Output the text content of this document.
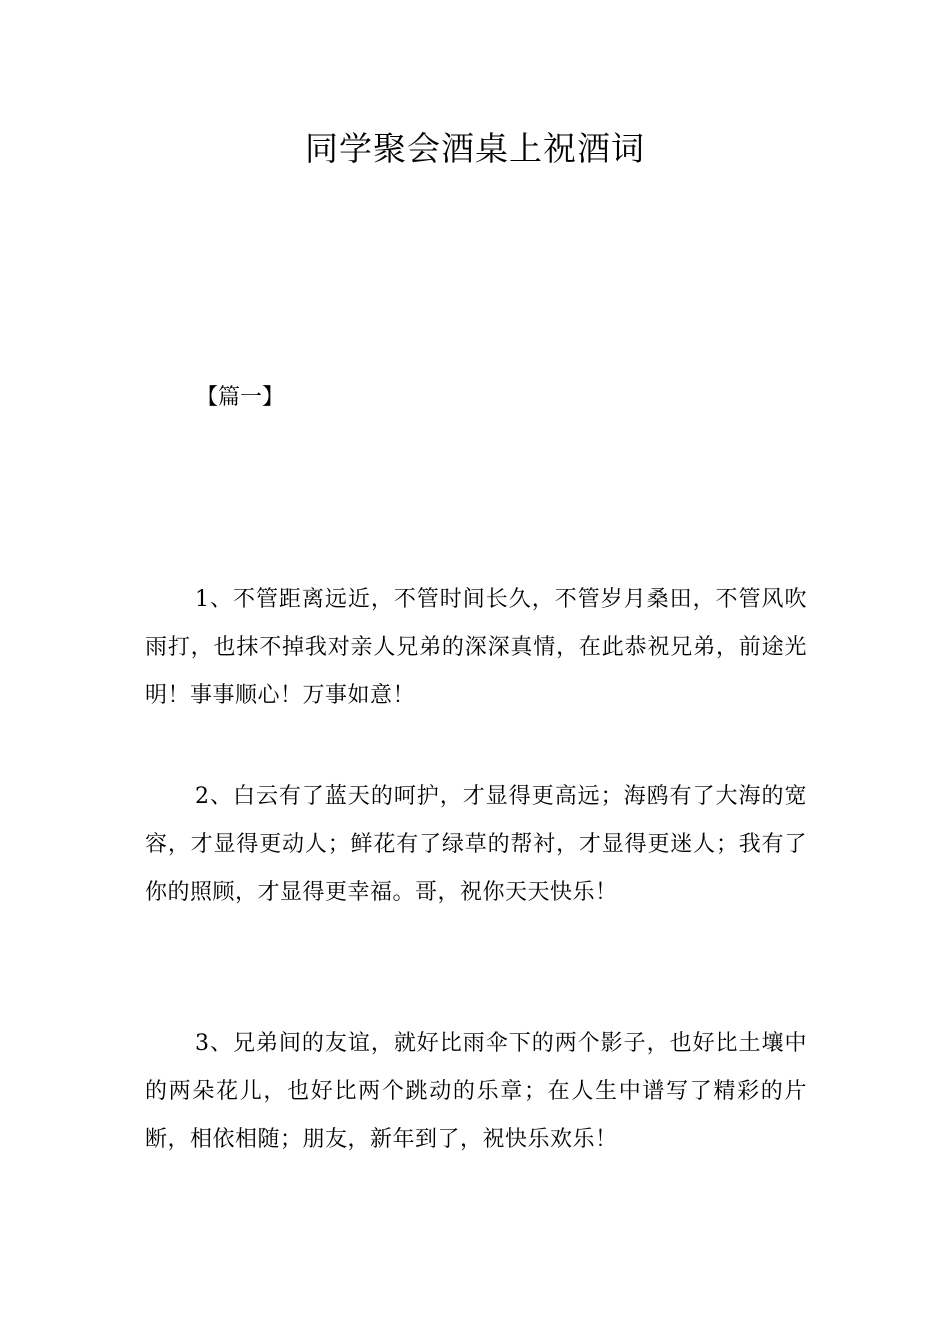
同学聚会酒桌上祝酒词
【篇一】

1、不管距离远近，不管时间长久，不管岁月桑田，不管风吹雨打，也抹不掉我对亲人兄弟的深深真情，在此恭祝兄弟，前途光明！事事顺心！万事如意！

2、白云有了蓝天的呵护，才显得更高远；海鸥有了大海的宽容，才显得更动人；鲜花有了绿草的帮衬，才显得更迷人；我有了你的照顾，才显得更幸福。哥，祝你天天快乐！

3、兄弟间的友谊，就好比雨伞下的两个影子，也好比土壤中的两朵花儿，也好比两个跳动的乐章；在人生中谱写了精彩的片断，相依相随；朋友，新年到了，祝快乐欢乐！
